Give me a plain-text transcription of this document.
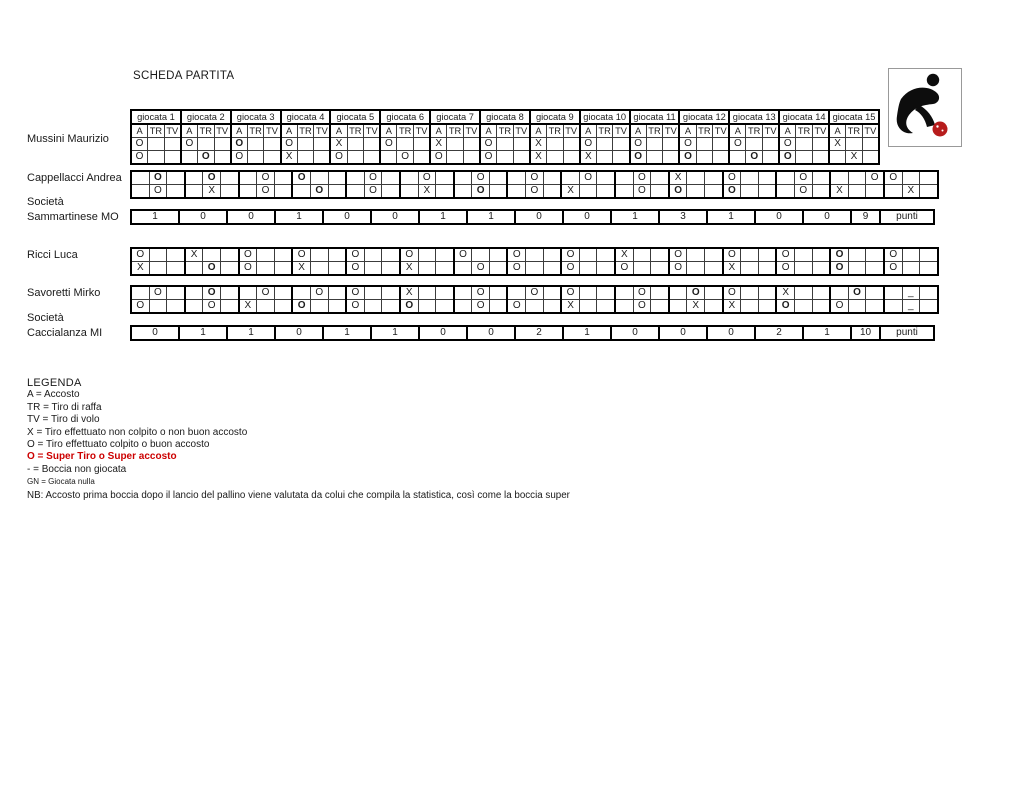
SCHEDA PARTITA
Mussini Maurizio
Cappellacci Andrea
Società
Sammartinese MO
Ricci Luca
Savoretti Mirko
Società
Caccialanza MI
giocata 1			giocata 2			giocata 3			giocata 4			giocata 5			giocata 6			giocata 7			giocata 8			giocata 9			giocata 10			giocata 11			giocata 12			giocata 13			giocata 14			giocata 15		
A	TR	TV	A	TR	TV	A	TR	TV	A	TR	TV	A	TR	TV	A	TR	TV	A	TR	TV	A	TR	TV	A	TR	TV	A	TR	TV	A	TR	TV	A	TR	TV	A	TR	TV	A	TR	TV	A	TR	TV
O			O			O			O			X			O			X			O			X			O			O			O			O			O			X		
O				O		O			X			O				O		O			O			X			X			O			O				O		O				X	
	O			O			O		O				O			O			O			O			O			O		X			O				O				O	O		
	O			X			O			O			O			X			O			O		X				O		O			O				O		X				X	
1	0	0	1	0	0	1	1	0	0	1	3	1	0	0	9	punti
O			X			O			O			O			O			O			O			O			X			O			O			O			O			O		
X				O		O			X			O			X				O		O			O			O			O			X			O			O			O		
	O			O			O			O		O			X				O			O		O				O			O		O			X				O			_	
O				O		X			O			O			O				O		O			X				O			X		X			O			O				_	
0	1	1	0	1	1	0	0	2	1	0	0	0	2	1	10	punti
LEGENDA
A = Accosto
TR = Tiro di raffa
TV = Tiro di volo
X = Tiro effettuato non colpito o non buon accosto
O = Tiro effettuato colpito o buon accosto
O = Super Tiro o Super accosto
- = Boccia non giocata
GN = Giocata nulla
NB: Accosto prima boccia dopo il lancio del pallino viene valutata da colui che compila la statistica, così come la boccia super
